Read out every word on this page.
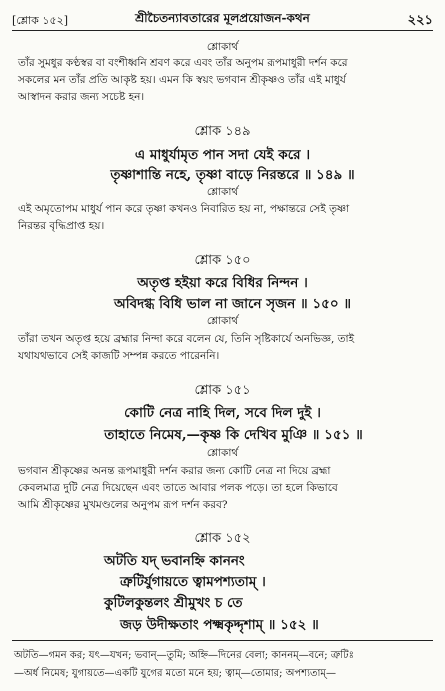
[শ্লোক ১৫২]	শ্রীচৈতন্যাবতারের মূলপ্রয়োজন-কথন	২২১
শ্লোকার্থ
তাঁর সুমধুর কণ্ঠস্বর বা বংশীধ্বনি শ্রবণ করে এবং তাঁর অনুপম রূপমাধুরী দর্শন করে
সকলের মন তাঁর প্রতি আকৃষ্ট হয়। এমন কি স্বয়ং ভগবান শ্রীকৃষ্ণও তাঁর এই মাধুর্য
আস্বাদন করার জন্য সচেষ্ট হন।
শ্লোক ১৪৯
এ মাধুর্যামৃত পান সদা যেই করে ।
তৃষ্ণাশান্তি নহে, তৃষ্ণা বাড়ে নিরন্তরে ॥ ১৪৯ ॥
শ্লোকার্থ
এই অমৃতোপম মাধুর্য পান করে তৃষ্ণা কখনও নিবারিত হয় না, পক্ষান্তরে সেই তৃষ্ণা
নিরন্তর বৃদ্ধিপ্রাপ্ত হয়।
শ্লোক ১৫০
অতৃপ্ত হইয়া করে বিধির নিন্দন ।
অবিদগ্ধ বিধি ভাল না জানে সৃজন ॥ ১৫০ ॥
শ্লোকার্থ
তাঁরা তখন অতৃপ্ত হয়ে ব্রহ্মার নিন্দা করে বলেন যে, তিনি সৃষ্টিকার্যে অনভিজ্ঞ, তাই
যথাযথভাবে সেই কাজটি সম্পন্ন করতে পারেননি।
শ্লোক ১৫১
কোটি নেত্র নাহি দিল, সবে দিল দুই ।
তাহাতে নিমেষ,—কৃষ্ণ কি দেখিব মুঞি ॥ ১৫১ ॥
শ্লোকার্থ
ভগবান শ্রীকৃষ্ণের অনন্ত রূপমাধুরী দর্শন করার জন্য কোটি নেত্র না দিয়ে ব্রহ্মা
কেবলমাত্র দুটি নেত্র দিয়েছেন এবং তাতে আবার পলক পড়ে। তা হলে কিভাবে
আমি শ্রীকৃষ্ণের মুখমণ্ডলের অনুপম রূপ দর্শন করব?
শ্লোক ১৫২
অটতি যদ্ ভবানহ্নি কাননং
ত্রুটির্যুগায়তে ত্বামপশ্যতাম্ ।
কুটিলকুন্তলং শ্রীমুখং চ তে
জড় উদীক্ষতাং পক্ষ্মকৃদ্দৃশাম্ ॥ ১৫২ ॥
অটতি—গমন কর; যৎ—যখন; ভবান্—তুমি; অহ্নি—দিনের বেলা; কাননম্—বনে; ত্রুটিঃ
—অর্ধ নিমেষ; যুগায়তে—একটি যুগের মতো মনে হয়; ত্বাম্—তোমার; অপশ্যতাম্—
